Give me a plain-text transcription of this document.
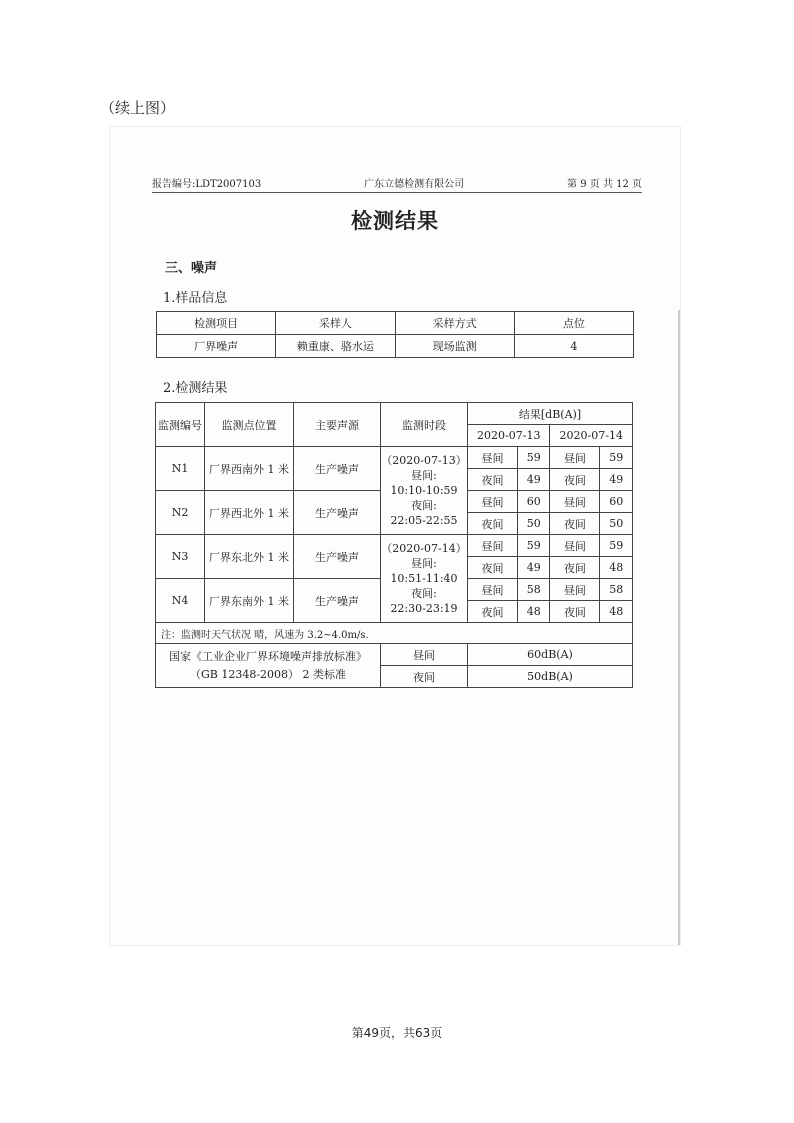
（续上图）
报告编号:LDT2007103	广东立德检测有限公司	第 9 页 共 12 页
检测结果
三、噪声
1.样品信息
检测项目	采样人	采样方式	点位
厂界噪声	赖重康、骆水运	现场监测	4
2.检测结果
监测编号	监测点位置	主要声源	监测时段	结果[dB(A)]			
				2020-07-13		2020-07-14	
N1	厂界西南外 1 米	生产噪声	（2020-07-13）
昼间:
10:10-10:59
夜间:
22:05-22:55	昼间	59	昼间	59
				夜间	49	夜间	49
N2	厂界西北外 1 米	生产噪声		昼间	60	昼间	60
				夜间	50	夜间	50
N3	厂界东北外 1 米	生产噪声	（2020-07-14）
昼间:
10:51-11:40
夜间:
22:30-23:19	昼间	59	昼间	59
				夜间	49	夜间	48
N4	厂界东南外 1 米	生产噪声		昼间	58	昼间	58
				夜间	48	夜间	48
注：监测时天气状况 晴，风速为 3.2~4.0m/s.							

国家《工业企业厂界环境噪声排放标准》
（GB 12348-2008） 2 类标准			昼间	60dB(A)			
			夜间	50dB(A)			
第49页，共63页
